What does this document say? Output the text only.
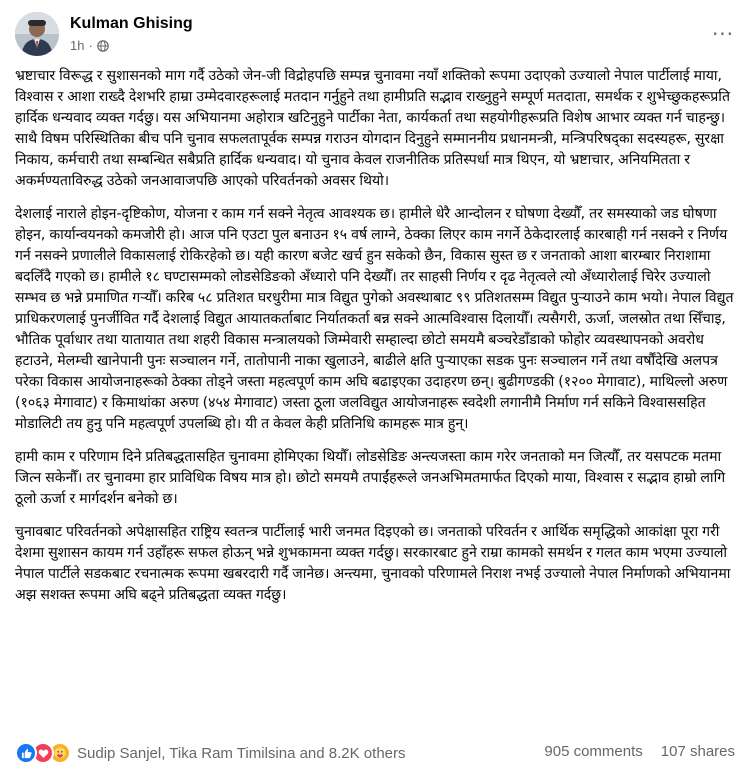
Kulman Ghising
1h ·	···

भ्रष्टाचार विरूद्ध र सुशासनको माग गर्दै उठेको जेन-जी विद्रोहपछि सम्पन्न चुनावमा नयाँ शक्तिको रूपमा उदाएको उज्यालो नेपाल पार्टीलाई माया, विश्वास र आशा राख्दै देशभरि हाम्रा उम्मेदवारहरूलाई मतदान गर्नुहुने तथा हामीप्रति सद्भाव राख्नुहुने सम्पूर्ण मतदाता, समर्थक र शुभेच्छुकहरूप्रति हार्दिक धन्यवाद व्यक्त गर्दछु। यस अभियानमा अहोरात्र खटिनुहुने पार्टीका नेता, कार्यकर्ता तथा सहयोगीहरूप्रति विशेष आभार व्यक्त गर्न चाहन्छु। साथै विषम परिस्थितिका बीच पनि चुनाव सफलतापूर्वक सम्पन्न गराउन योगदान दिनुहुने सम्माननीय प्रधानमन्त्री, मन्त्रिपरिषद्का सदस्यहरू, सुरक्षा निकाय, कर्मचारी तथा सम्बन्धित सबैप्रति हार्दिक धन्यवाद। यो चुनाव केवल राजनीतिक प्रतिस्पर्धा मात्र थिएन, यो भ्रष्टाचार, अनियमितता र अकर्मण्यताविरुद्ध उठेको जनआवाजपछि आएको परिवर्तनको अवसर थियो।

देशलाई नाराले होइन-दृष्टिकोण, योजना र काम गर्न सक्ने नेतृत्व आवश्यक छ। हामीले धेरै आन्दोलन र घोषणा देख्यौँ, तर समस्याको जड घोषणा होइन, कार्यान्वयनको कमजोरी हो। आज पनि एउटा पुल बनाउन १५ वर्ष लाग्ने, ठेक्का लिएर काम नगर्ने ठेकेदारलाई कारबाही गर्न नसक्ने र निर्णय गर्न नसक्ने प्रणालीले विकासलाई रोकिरहेको छ। यही कारण बजेट खर्च हुन सकेको छैन, विकास सुस्त छ र जनताको आशा बारम्बार निराशामा बदलिँदै गएको छ। हामीले १८ घण्टासम्मको लोडसेडिङको अँध्यारो पनि देख्यौँ। तर साहसी निर्णय र दृढ नेतृत्वले त्यो अँध्यारोलाई चिरेर उज्यालो सम्भव छ भन्ने प्रमाणित गर्‍यौँ। करिब ५८ प्रतिशत घरधुरीमा मात्र विद्युत पुगेको अवस्थाबाट ९९ प्रतिशतसम्म विद्युत पुर्‍याउने काम भयो। नेपाल विद्युत प्राधिकरणलाई पुनर्जीवित गर्दै देशलाई विद्युत आयातकर्ताबाट निर्यातकर्ता बन्न सक्ने आत्मविश्वास दिलायौँ। त्यसैगरी, ऊर्जा, जलस्रोत तथा सिँचाइ, भौतिक पूर्वाधार तथा यातायात तथा शहरी विकास मन्त्रालयको जिम्मेवारी सम्हाल्दा छोटो समयमै बञ्चरेडाँडाको फोहोर व्यवस्थापनको अवरोध हटाउने, मेलम्ची खानेपानी पुनः सञ्चालन गर्ने, तातोपानी नाका खुलाउने, बाढीले क्षति पुर्‍याएका सडक पुनः सञ्चालन गर्ने तथा वर्षौंदेखि अलपत्र परेका विकास आयोजनाहरूको ठेक्का तोड्ने जस्ता महत्वपूर्ण काम अघि बढाइएका उदाहरण छन्। बुढीगण्डकी (१२०० मेगावाट), माथिल्लो अरुण (१०६३ मेगावाट) र किमाथांका अरुण (४५४ मेगावाट) जस्ता ठूला जलविद्युत आयोजनाहरू स्वदेशी लगानीमै निर्माण गर्न सकिने विश्वाससहित मोडालिटी तय हुनु पनि महत्वपूर्ण उपलब्धि हो। यी त केवल केही प्रतिनिधि कामहरू मात्र हुन्।

हामी काम र परिणाम दिने प्रतिबद्धतासहित चुनावमा होमिएका थियौँ। लोडसेडिङ अन्त्यजस्ता काम गरेर जनताको मन जित्यौँ, तर यसपटक मतमा जित्न सकेनौँ। तर चुनावमा हार प्राविधिक विषय मात्र हो। छोटो समयमै तपाईंहरूले जनअभिमतमार्फत दिएको माया, विश्वास र सद्भाव हाम्रो लागि ठूलो ऊर्जा र मार्गदर्शन बनेको छ।

चुनावबाट परिवर्तनको अपेक्षासहित राष्ट्रिय स्वतन्त्र पार्टीलाई भारी जनमत दिइएको छ। जनताको परिवर्तन र आर्थिक समृद्धिको आकांक्षा पूरा गरी देशमा सुशासन कायम गर्न उहाँहरू सफल होऊन् भन्ने शुभकामना व्यक्त गर्दछु। सरकारबाट हुने राम्रा कामको समर्थन र गलत काम भएमा उज्यालो नेपाल पार्टीले सडकबाट रचनात्मक रूपमा खबरदारी गर्दै जानेछ। अन्त्यमा, चुनावको परिणामले निराश नभई उज्यालो नेपाल निर्माणको अभियानमा अझ सशक्त रूपमा अघि बढ्ने प्रतिबद्धता व्यक्त गर्दछु।

Sudip Sanjel, Tika Ram Timilsina and 8.2K others	905 comments 107 shares
